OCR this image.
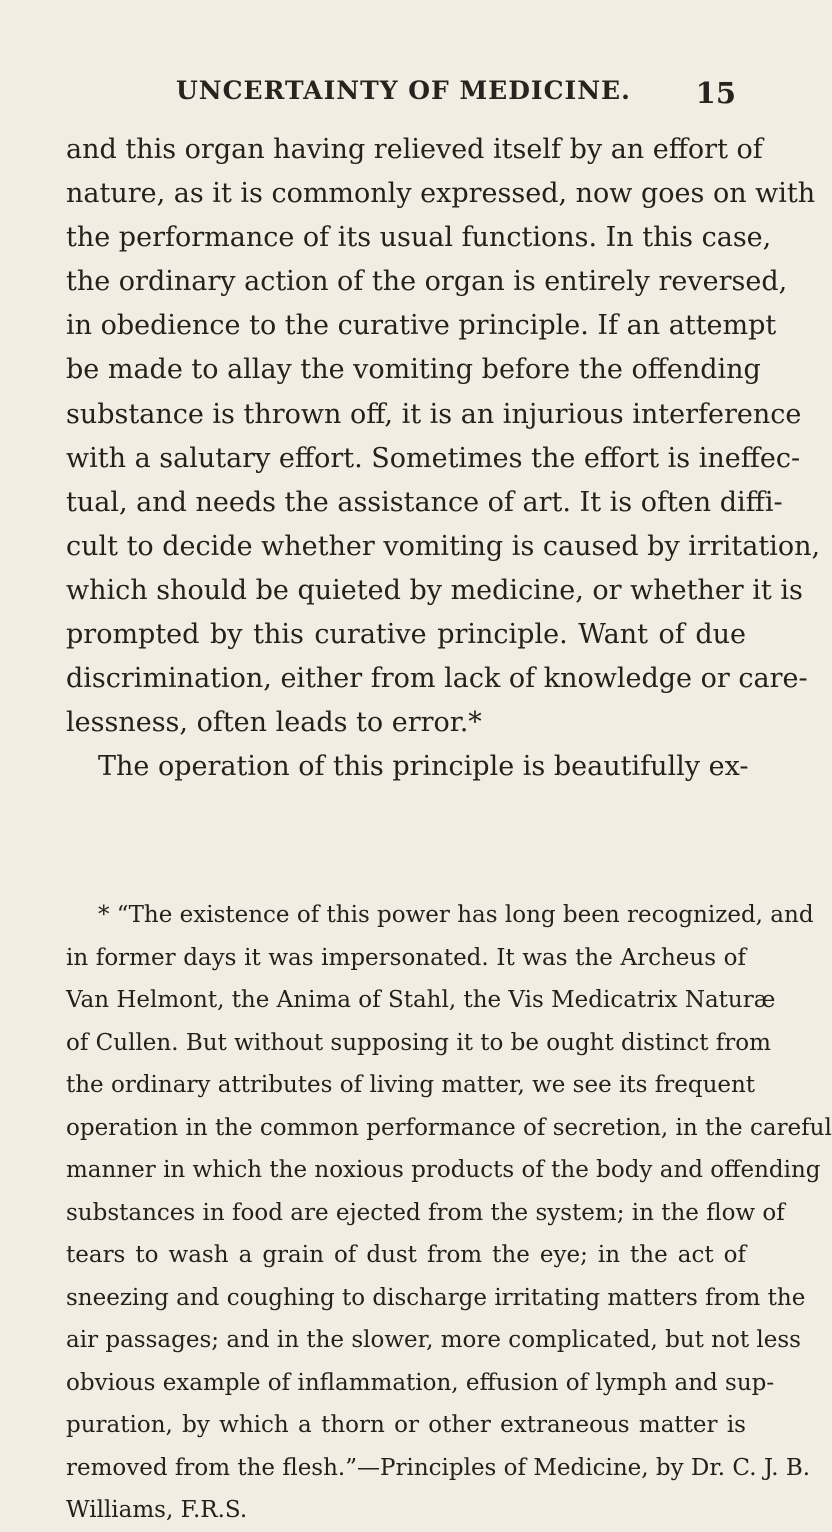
UNCERTAINTY OF MEDICINE. 15
and this organ having relieved itself by an effort of
nature, as it is commonly expressed, now goes on with
the performance of its usual functions. In this case,
the ordinary action of the organ is entirely reversed,
in obedience to the curative principle. If an attempt
be made to allay the vomiting before the offending
substance is thrown off, it is an injurious interference
with a salutary effort. Sometimes the effort is ineffec-
tual, and needs the assistance of art. It is often diffi-
cult to decide whether vomiting is caused by irritation,
which should be quieted by medicine, or whether it is
prompted by this curative principle. Want of due
discrimination, either from lack of knowledge or care-
lessness, often leads to error.*
The operation of this principle is beautifully ex-
* “The existence of this power has long been recognized, and
in former days it was impersonated. It was the Archeus of
Van Helmont, the Anima of Stahl, the Vis Medicatrix Naturæ
of Cullen. But without supposing it to be ought distinct from
the ordinary attributes of living matter, we see its frequent
operation in the common performance of secretion, in the careful
manner in which the noxious products of the body and offending
substances in food are ejected from the system; in the flow of
tears to wash a grain of dust from the eye; in the act of
sneezing and coughing to discharge irritating matters from the
air passages; and in the slower, more complicated, but not less
obvious example of inflammation, effusion of lymph and sup-
puration, by which a thorn or other extraneous matter is
removed from the flesh.”—Principles of Medicine, by Dr. C. J. B.
Williams, F.R.S.
